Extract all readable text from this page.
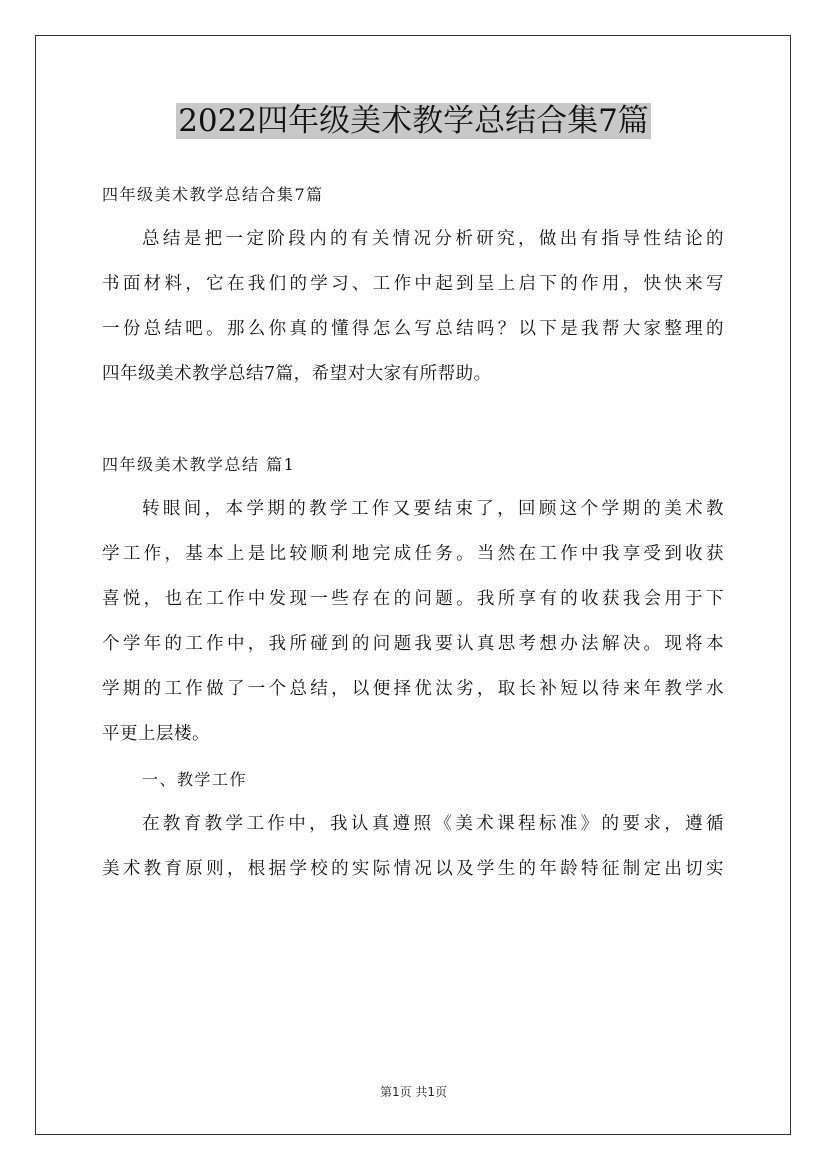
2022四年级美术教学总结合集7篇

四年级美术教学总结合集7篇

总结是把一定阶段内的有关情况分析研究，做出有指导性结论的

书面材料，它在我们的学习、工作中起到呈上启下的作用，快快来写

一份总结吧。那么你真的懂得怎么写总结吗？以下是我帮大家整理的

四年级美术教学总结7篇，希望对大家有所帮助。

四年级美术教学总结 篇1

转眼间，本学期的教学工作又要结束了，回顾这个学期的美术教

学工作，基本上是比较顺利地完成任务。当然在工作中我享受到收获

喜悦，也在工作中发现一些存在的问题。我所享有的收获我会用于下

个学年的工作中，我所碰到的问题我要认真思考想办法解决。现将本

学期的工作做了一个总结，以便择优汰劣，取长补短以待来年教学水

平更上层楼。

一、教学工作

在教育教学工作中，我认真遵照《美术课程标准》的要求，遵循

美术教育原则，根据学校的实际情况以及学生的年龄特征制定出切实

第1页 共1页
